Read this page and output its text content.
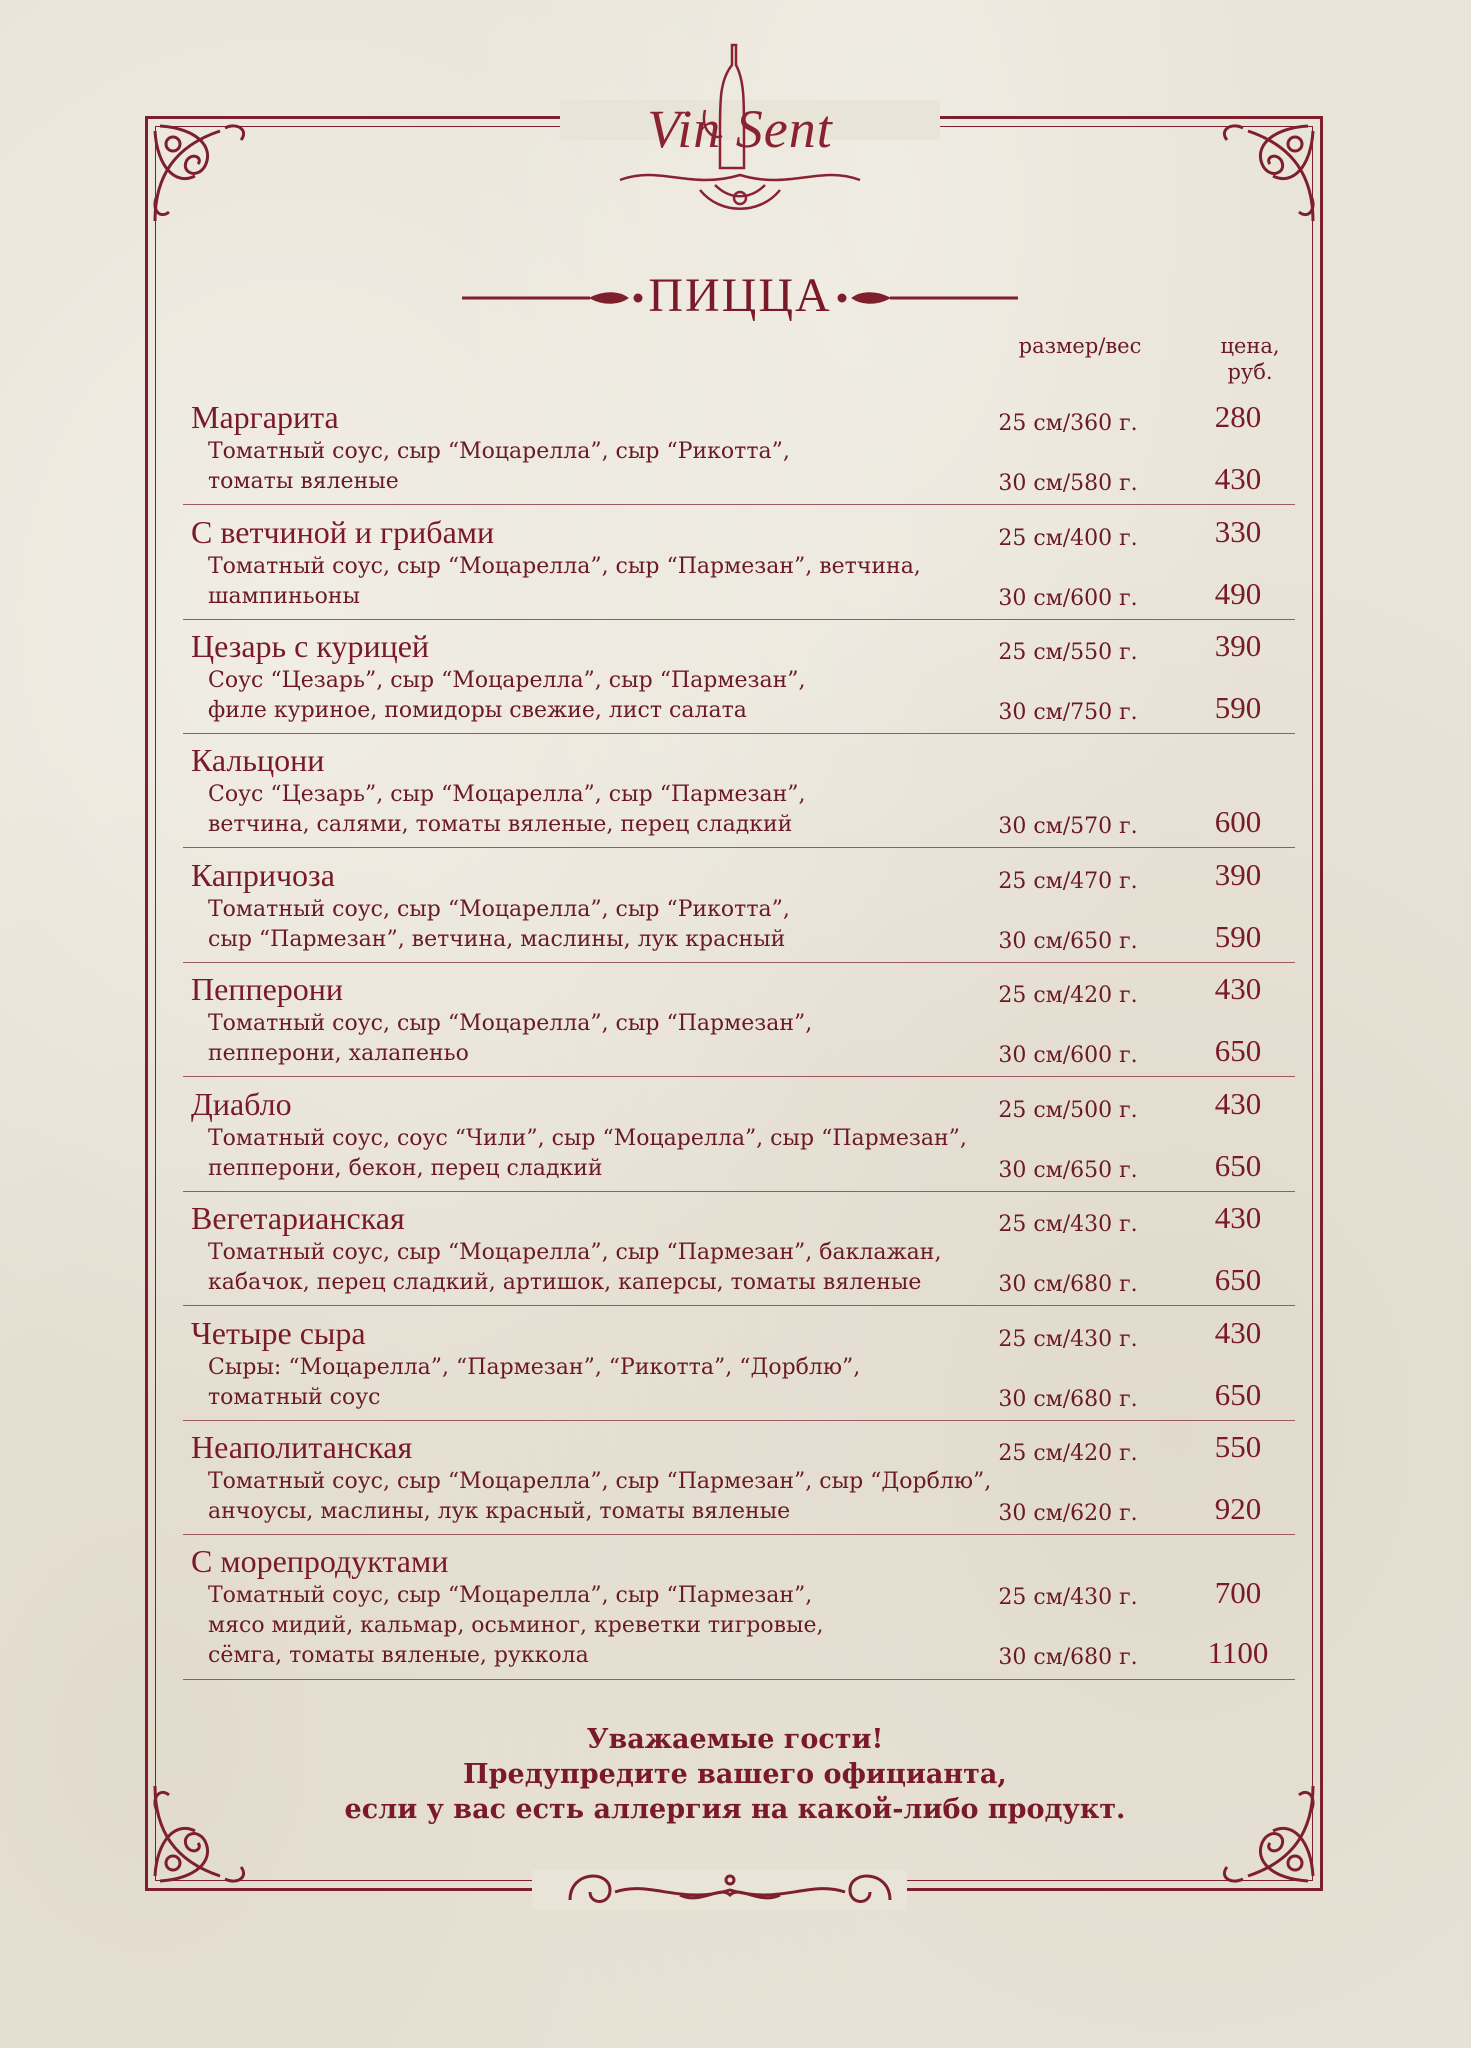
Vin Sent
ПИЦЦА
размер/вес	цена,
руб.
Маргарита
Томатный соус, сыр “Моцарелла”, сыр “Рикотта”,
томаты вяленые
25 см/360 г.	280
30 см/580 г.	430
С ветчиной и грибами
Томатный соус, сыр “Моцарелла”, сыр “Пармезан”, ветчина,
шампиньоны
25 см/400 г.	330
30 см/600 г.	490
Цезарь с курицей
Соус “Цезарь”, сыр “Моцарелла”, сыр “Пармезан”,
филе куриное, помидоры свежие, лист салата
25 см/550 г.	390
30 см/750 г.	590
Кальцони
Соус “Цезарь”, сыр “Моцарелла”, сыр “Пармезан”,
ветчина, салями, томаты вяленые, перец сладкий	30 см/570 г.	600
Капричоза
Томатный соус, сыр “Моцарелла”, сыр “Рикотта”,
сыр “Пармезан”, ветчина, маслины, лук красный
25 см/470 г.	390
30 см/650 г.	590
Пепперони
Томатный соус, сыр “Моцарелла”, сыр “Пармезан”,
пепперони, халапеньо
25 см/420 г.	430
30 см/600 г.	650
Диабло
Томатный соус, соус “Чили”, сыр “Моцарелла”, сыр “Пармезан”,
пепперони, бекон, перец сладкий
25 см/500 г.	430
30 см/650 г.	650
Вегетарианская
Томатный соус, сыр “Моцарелла”, сыр “Пармезан”, баклажан,
кабачок, перец сладкий, артишок, каперсы, томаты вяленые
25 см/430 г.	430
30 см/680 г.	650
Четыре сыра
Сыры: “Моцарелла”, “Пармезан”, “Рикотта”, “Дорблю”,
томатный соус
25 см/430 г.	430
30 см/680 г.	650
Неаполитанская
Томатный соус, сыр “Моцарелла”, сыр “Пармезан”, сыр “Дорблю”,
анчоусы, маслины, лук красный, томаты вяленые
25 см/420 г.	550
30 см/620 г.	920
С морепродуктами
Томатный соус, сыр “Моцарелла”, сыр “Пармезан”,
мясо мидий, кальмар, осьминог, креветки тигровые,
сёмга, томаты вяленые, руккола
25 см/430 г.	700
30 см/680 г.	1100
Уважаемые гости!
Предупредите вашего официанта,
если у вас есть аллергия на какой-либо продукт.
